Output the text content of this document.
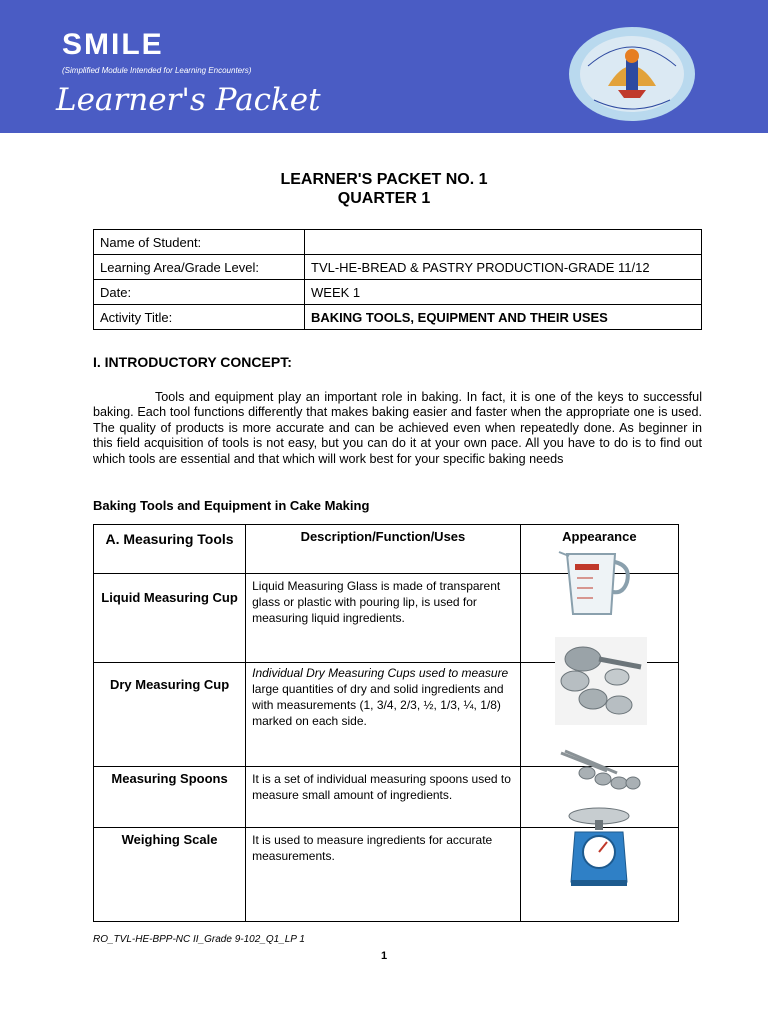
SMILE
(Simplified Module Intended for Learning Encounters)
Learner's Packet
LEARNER'S PACKET NO. 1
QUARTER 1
Name of Student:	
Learning Area/Grade Level:	TVL-HE-BREAD & PASTRY PRODUCTION-GRADE 11/12
Date:	WEEK 1
Activity Title:	BAKING TOOLS, EQUIPMENT AND THEIR USES
I. INTRODUCTORY CONCEPT:
Tools and equipment play an important role in baking. In fact, it is one of the keys to successful baking. Each tool functions differently that makes baking easier and faster when the appropriate one is used. The quality of products is more accurate and can be achieved even when repeatedly done. As beginner in this field acquisition of tools is not easy, but you can do it at your own pace. All you have to do is to find out which tools are essential and that which will work best for your specific baking needs
Baking Tools and Equipment in Cake Making
A. Measuring Tools	Description/Function/Uses	Appearance
Liquid Measuring Cup	Liquid Measuring Glass is made of transparent glass or plastic with pouring lip, is used for measuring liquid ingredients.	

Dry Measuring Cup	Individual Dry Measuring Cups used to measure large quantities of dry and solid ingredients and with measurements (1, 3/4, 2/3, ½, 1/3, ¼, 1/8) marked on each side.	

Measuring Spoons	It is a set of individual measuring spoons used to measure small amount of ingredients.	

Weighing Scale	It is used to measure ingredients for accurate measurements.	
RO_TVL-HE-BPP-NC II_Grade 9-102_Q1_LP 1
1
